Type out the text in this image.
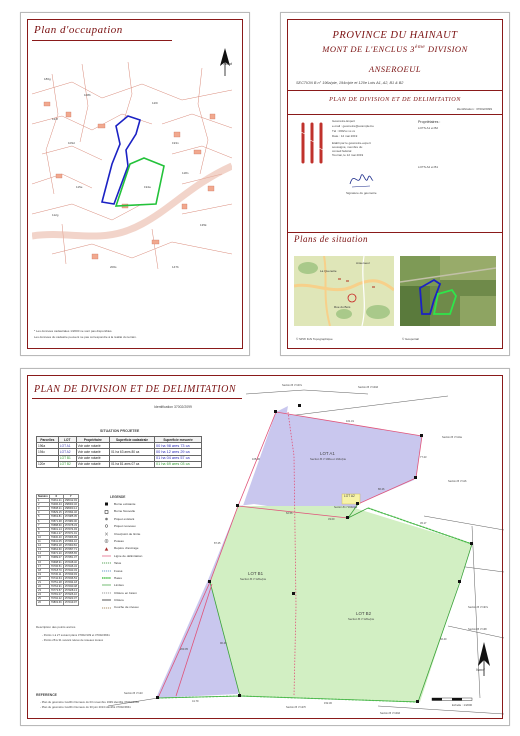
Plan d'occupation
Nord
122f
108b
126r
193n
109d
115e
118n
194a
135k
112g
206s	147b
186g
* Les données cadastrales 1/2000 ne sont pas disponibles.
Les données du cadastre peuvent ne pas correspondre à la réalité du terrain.
PROVINCE DU HAINAUT
MONT DE L'ENCLUS 3ème DIVISION
ANSEROEUL
SECTION B n° 196a/pie, 194c/pie et 120e Lots A1, A2, B1 & B2
PLAN DE DIVISION ET DE DELIMITATION
Identification : 37002/2099
Géomètre-Expert
e-mail : geometre@example.be
Tél : 069/xx.xx.xx
Date : 12 mai 2019
Etabli par le géomètre-expert
soussigné, membre du
conseil fédéral
Tournai, le 12 mai 2019
Propriétaires :
LOTS A1 et B2
LOTS A2 et B1
Signature du géomètre
Plans de situation
La Quenette
Rue du Bois
Anseroeul
© SPW IGN Topographique	© Géoportail
PLAN DE DIVISION ET DE DELIMITATION
Identification 37002/2099
LOT A1
Section B n°196a et 194c/pie
LOT A2
Section B n°194c/pie
LOT B1
Section B n°120e/pie
LOT B2
Section B n°120e/pie
Section B n°107e
Section B n°103d
Section B n°114a
Section B n°116
Section B n°197e
Section B n°138
Section B n°123
Section B n°127h
Section B n°100d
101.31
77.23
86.26
62.56
33.00
45.17
105.30
87.25
200.05
90.46
41.79
152.30
66.40
SITUATION PROJETEE
Parcelles	LOT	Propriétaire	Superficie cadastrale	Superficie mesurée
196a	LOT A1	Voir acte notarié		00 ha 98 ares 73 ca
194c	LOT A2	Voir acte notarié	01 ha 63 ares 80 ca	00 ha 12 ares 29 ca
	LOT B1	Voir acte notarié		01 ha 04 ares 57 ca
120e	LOT B2	Voir acte notarié	01 ha 81 ares 07 ca	01 ha 69 ares 03 ca
Numéro	X	Y
1	79461.21	158012.93
2	79496.43	158003.32
3	79508.21	158000.14
4	79529.15	157994.46
5	79563.81	157985.05
6	79571.38	157983.00
7	79588.60	157978.33
8	79601.14	157974.93
9	79612.27	157971.91
10	79630.40	157966.99
11	79641.05	157964.10
12	79653.18	157960.81
13	79664.60	157957.71
14	79672.20	157955.65
15	79689.07	157951.07
16	79698.91	157948.40
17	79706.51	157946.34
18	79718.70	157943.03
19	79730.11	157939.93
20	79742.64	157936.53
21	79751.28	157934.18
22	79764.91	157930.48
23	79773.57	157928.13
24	79781.07	157926.10
25	79792.22	157923.07
26	79803.66	157919.97
LEGENDE
Borne existante
Borne Nouvelle
Piquet existant
Piquet nouveau
Clou/point de limite
Poteau
Repère d'ancrage
Ligne de délimitation
Talus
Fossé
Haies
Limites
Clôture en béton
Clôture
Courbe de niveau
Description des points ancrés
- Points 1 à 27 suivant plans 37002/109 et 37002/4841
- Points 28 à 31 suivant relevé de réseaux locaux
REFERENCE
- Plan du géomètre Godfrin Demaux du 03 novembre 1999 identifié 37002/2056
- Plan du géomètre Godfrin Demaux du 30 juin 2013 identifié 37002/4841
Nord
Echelle : 1/2000
